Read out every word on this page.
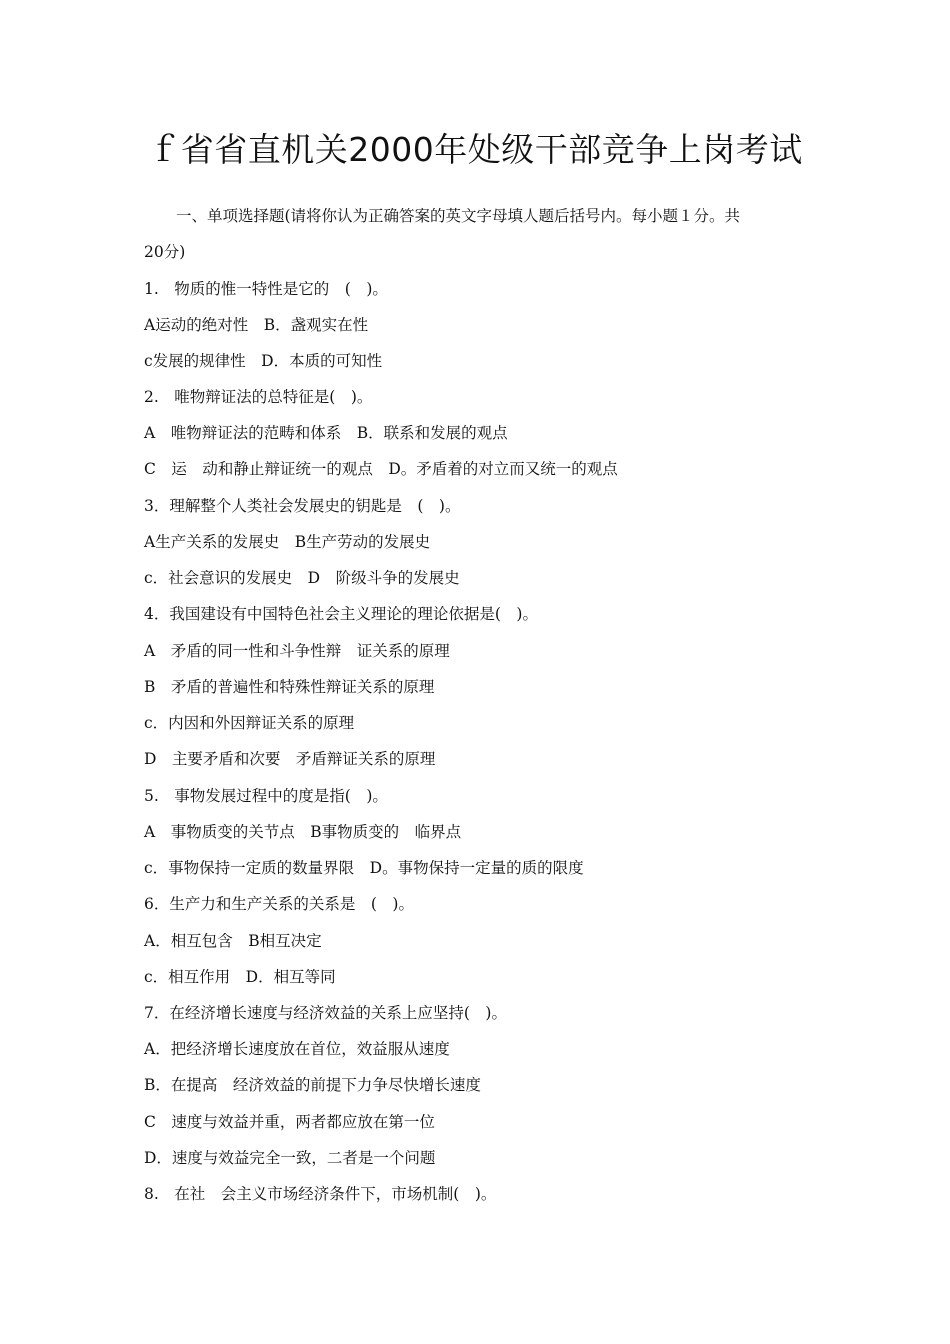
ｆ省省直机关2000年处级干部竞争上岗考试
一、单项选择题(请将你认为正确答案的英文字母填人题后括号内。每小题１分。共
20分)
1.　物质的惟一特性是它的　(　)。
A运动的绝对性　B．盏观实在性
c发展的规律性　D．本质的可知性
2.　唯物辩证法的总特征是(　)。
A　唯物辩证法的范畴和体系　B．联系和发展的观点
C　运　动和静止辩证统一的观点　D。矛盾着的对立而又统一的观点
3．理解整个人类社会发展史的钥匙是　(　)。
A生产关系的发展史　B生产劳动的发展史
c．社会意识的发展史　D　阶级斗争的发展史
4．我国建设有中国特色社会主义理论的理论依据是(　)。
A　矛盾的同一性和斗争性辩　证关系的原理
B　矛盾的普遍性和特殊性辩证关系的原理
c．内因和外因辩证关系的原理
D　主要矛盾和次要　矛盾辩证关系的原理
5.　事物发展过程中的度是指(　)。
A　事物质变的关节点　B事物质变的　临界点
c．事物保持一定质的数量界限　D。事物保持一定量的质的限度
6．生产力和生产关系的关系是　(　)。
A．相互包含　B相互决定
c．相互作用　D．相互等同
7．在经济增长速度与经济效益的关系上应坚持(　)。
A．把经济增长速度放在首位，效益服从速度
B．在提高　经济效益的前提下力争尽快增长速度
C　速度与效益并重，两者都应放在第一位
D．速度与效益完全一致，二者是一个问题
8.　在社　会主义市场经济条件下，市场机制(　)。
